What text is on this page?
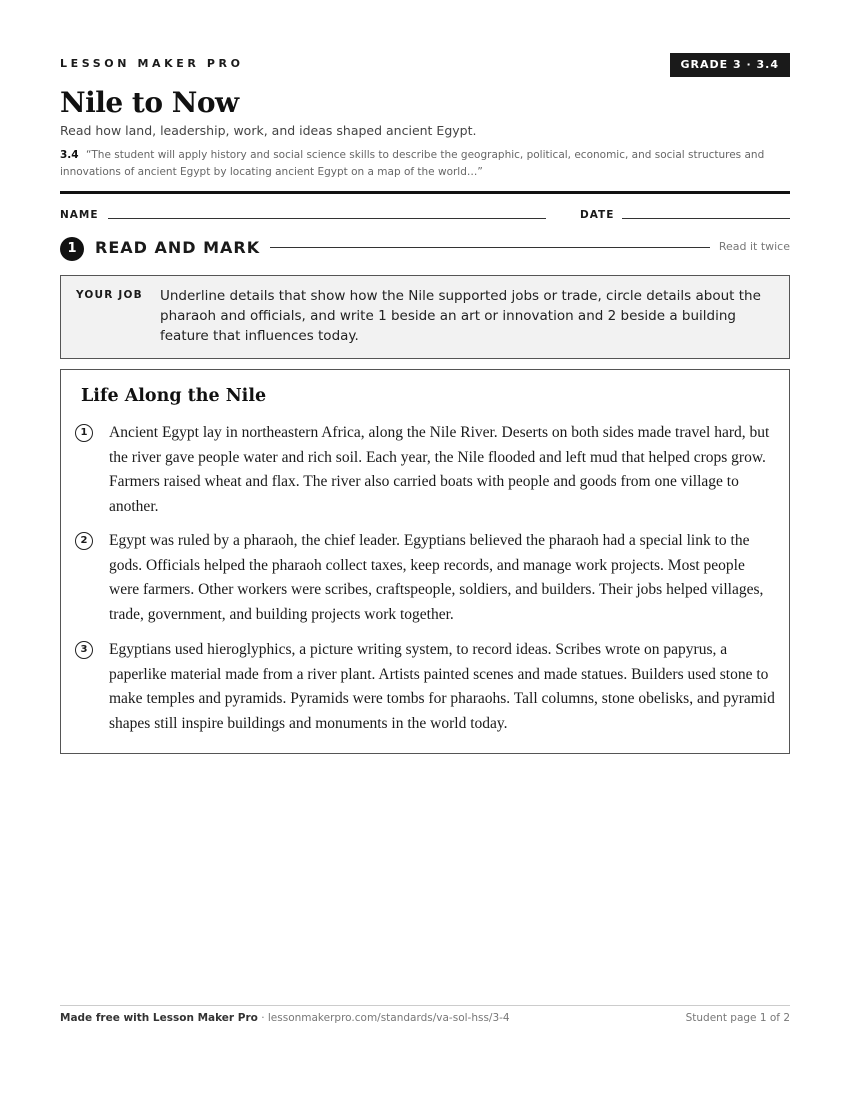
LESSON MAKER PRO	GRADE 3 · 3.4
Nile to Now
Read how land, leadership, work, and ideas shaped ancient Egypt.
3.4 “The student will apply history and social science skills to describe the geographic, political, economic, and social structures and innovations of ancient Egypt by locating ancient Egypt on a map of the world…”
NAME	DATE
1	READ AND MARK	Read it twice
YOUR JOB Underline details that show how the Nile supported jobs or trade, circle details about the pharaoh and officials, and write 1 beside an art or innovation and 2 beside a building feature that influences today.
Life Along the Nile
1	Ancient Egypt lay in northeastern Africa, along the Nile River. Deserts on both sides made travel hard, but the river gave people water and rich soil. Each year, the Nile flooded and left mud that helped crops grow. Farmers raised wheat and flax. The river also carried boats with people and goods from one village to another.
2	Egypt was ruled by a pharaoh, the chief leader. Egyptians believed the pharaoh had a special link to the gods. Officials helped the pharaoh collect taxes, keep records, and manage work projects. Most people were farmers. Other workers were scribes, craftspeople, soldiers, and builders. Their jobs helped villages, trade, government, and building projects work together.
3	Egyptians used hieroglyphics, a picture writing system, to record ideas. Scribes wrote on papyrus, a paperlike material made from a river plant. Artists painted scenes and made statues. Builders used stone to make temples and pyramids. Pyramids were tombs for pharaohs. Tall columns, stone obelisks, and pyramid shapes still inspire buildings and monuments in the world today.
Made free with Lesson Maker Pro · lessonmakerpro.com/standards/va-sol-hss/3-4	Student page 1 of 2
